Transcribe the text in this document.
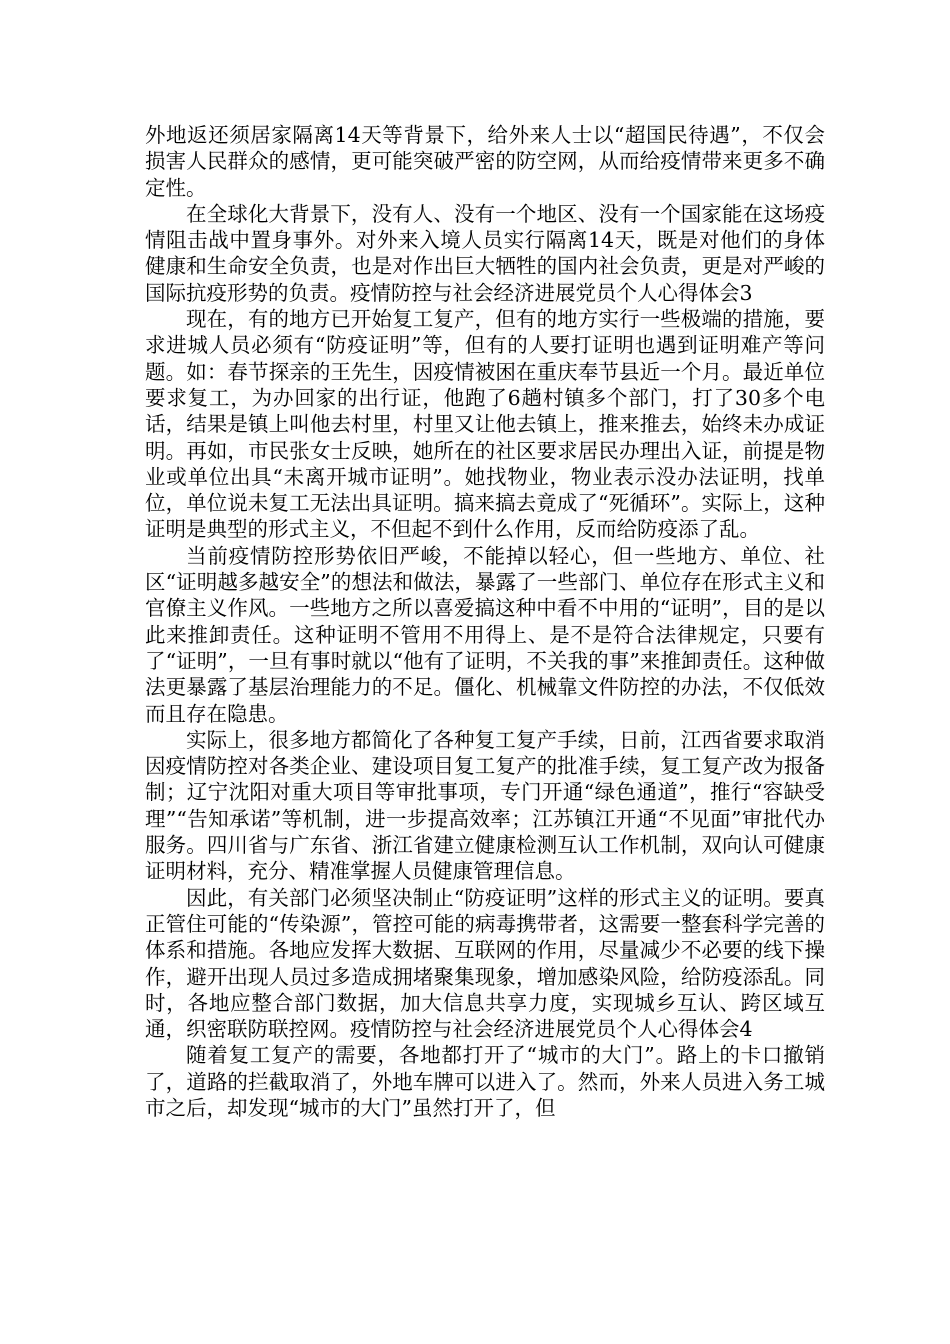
外地返还须居家隔离14天等背景下，给外来人士以“超国民待遇”，不仅会损害人民群众的感情，更可能突破严密的防空网，从而给疫情带来更多不确定性。

在全球化大背景下，没有人、没有一个地区、没有一个国家能在这场疫情阻击战中置身事外。对外来入境人员实行隔离14天，既是对他们的身体健康和生命安全负责，也是对作出巨大牺牲的国内社会负责，更是对严峻的国际抗疫形势的负责。疫情防控与社会经济进展党员个人心得体会3

现在，有的地方已开始复工复产，但有的地方实行一些极端的措施，要求进城人员必须有“防疫证明”等，但有的人要打证明也遇到证明难产等问题。如：春节探亲的王先生，因疫情被困在重庆奉节县近一个月。最近单位要求复工，为办回家的出行证，他跑了6趟村镇多个部门，打了30多个电话，结果是镇上叫他去村里，村里又让他去镇上，推来推去，始终未办成证明。再如，市民张女士反映，她所在的社区要求居民办理出入证，前提是物业或单位出具“未离开城市证明”。她找物业，物业表示没办法证明，找单位，单位说未复工无法出具证明。搞来搞去竟成了“死循环”。实际上，这种证明是典型的形式主义，不但起不到什么作用，反而给防疫添了乱。

当前疫情防控形势依旧严峻，不能掉以轻心，但一些地方、单位、社区“证明越多越安全”的想法和做法，暴露了一些部门、单位存在形式主义和官僚主义作风。一些地方之所以喜爱搞这种中看不中用的“证明”，目的是以此来推卸责任。这种证明不管用不用得上、是不是符合法律规定，只要有了“证明”，一旦有事时就以“他有了证明，不关我的事”来推卸责任。这种做法更暴露了基层治理能力的不足。僵化、机械靠文件防控的办法，不仅低效而且存在隐患。

实际上，很多地方都简化了各种复工复产手续，日前，江西省要求取消因疫情防控对各类企业、建设项目复工复产的批准手续，复工复产改为报备制；辽宁沈阳对重大项目等审批事项，专门开通“绿色通道”，推行“容缺受理”“告知承诺”等机制，进一步提高效率；江苏镇江开通“不见面”审批代办服务。四川省与广东省、浙江省建立健康检测互认工作机制，双向认可健康证明材料，充分、精准掌握人员健康管理信息。

因此，有关部门必须坚决制止“防疫证明”这样的形式主义的证明。要真正管住可能的“传染源”，管控可能的病毒携带者，这需要一整套科学完善的体系和措施。各地应发挥大数据、互联网的作用，尽量减少不必要的线下操作，避开出现人员过多造成拥堵聚集现象，增加感染风险，给防疫添乱。同时，各地应整合部门数据，加大信息共享力度，实现城乡互认、跨区域互通，织密联防联控网。疫情防控与社会经济进展党员个人心得体会4

随着复工复产的需要，各地都打开了“城市的大门”。路上的卡口撤销了，道路的拦截取消了，外地车牌可以进入了。然而，外来人员进入务工城市之后，却发现“城市的大门”虽然打开了，但
